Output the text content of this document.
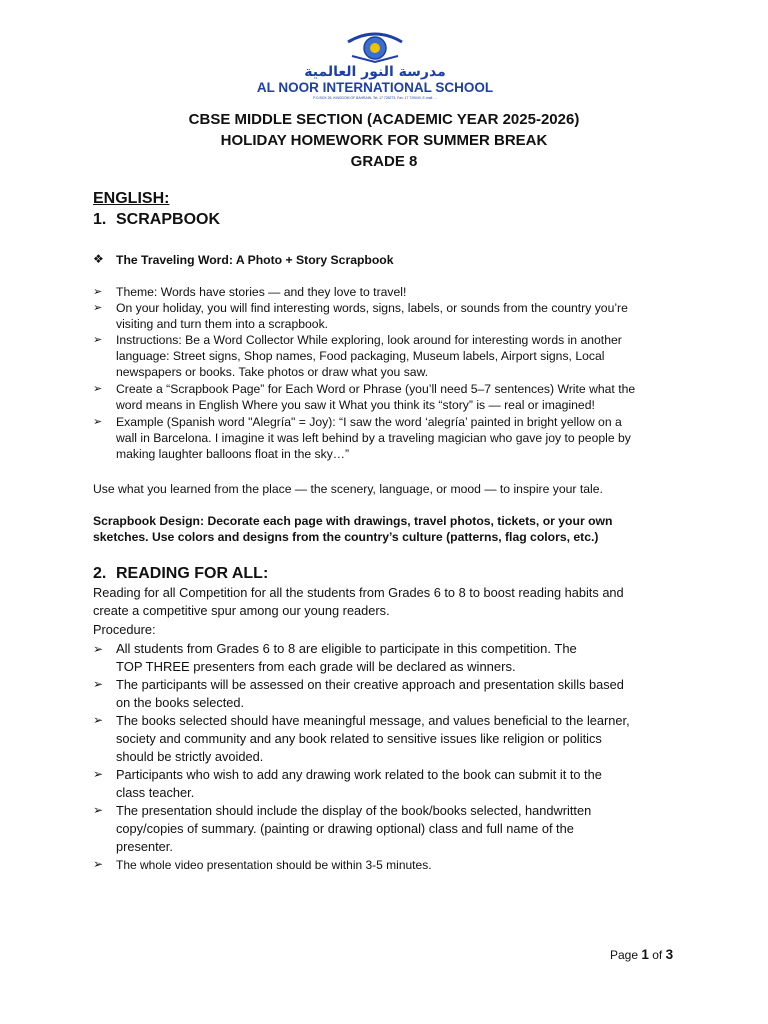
مدرسة النور العالمية
AL NOOR INTERNATIONAL SCHOOL
P.O.BOX 26, KINGDOM OF BAHRAIN, Tel: 17 728273, Fax: 17 729040, E-mail: ...
CBSE MIDDLE SECTION (ACADEMIC YEAR 2025-2026)
HOLIDAY HOMEWORK FOR SUMMER BREAK
GRADE 8
ENGLISH:
1. SCRAPBOOK
❖ The Traveling Word: A Photo + Story Scrapbook
➢ Theme: Words have stories — and they love to travel!
➢ On your holiday, you will find interesting words, signs, labels, or sounds from the country you’re
visiting and turn them into a scrapbook.
➢ Instructions: Be a Word Collector While exploring, look around for interesting words in another
language: Street signs, Shop names, Food packaging, Museum labels, Airport signs, Local
newspapers or books. Take photos or draw what you saw.
➢ Create a “Scrapbook Page” for Each Word or Phrase (you’ll need 5–7 sentences) Write what the
word means in English Where you saw it What you think its “story” is — real or imagined!
➢ Example (Spanish word "Alegría" = Joy): “I saw the word ‘alegría’ painted in bright yellow on a
wall in Barcelona. I imagine it was left behind by a traveling magician who gave joy to people by
making laughter balloons float in the sky…”
Use what you learned from the place — the scenery, language, or mood — to inspire your tale.
Scrapbook Design: Decorate each page with drawings, travel photos, tickets, or your own
sketches. Use colors and designs from the country’s culture (patterns, flag colors, etc.)
2. READING FOR ALL:
Reading for all Competition for all the students from Grades 6 to 8 to boost reading habits and
create a competitive spur among our young readers.
Procedure:
➢ All students from Grades 6 to 8 are eligible to participate in this competition. The
TOP THREE presenters from each grade will be declared as winners.
➢ The participants will be assessed on their creative approach and presentation skills based
on the books selected.
➢ The books selected should have meaningful message, and values beneficial to the learner,
society and community and any book related to sensitive issues like religion or politics
should be strictly avoided.
➢ Participants who wish to add any drawing work related to the book can submit it to the
class teacher.
➢ The presentation should include the display of the book/books selected, handwritten
copy/copies of summary. (painting or drawing optional) class and full name of the
presenter.
➢ The whole video presentation should be within 3-5 minutes.
Page 1 of 3
